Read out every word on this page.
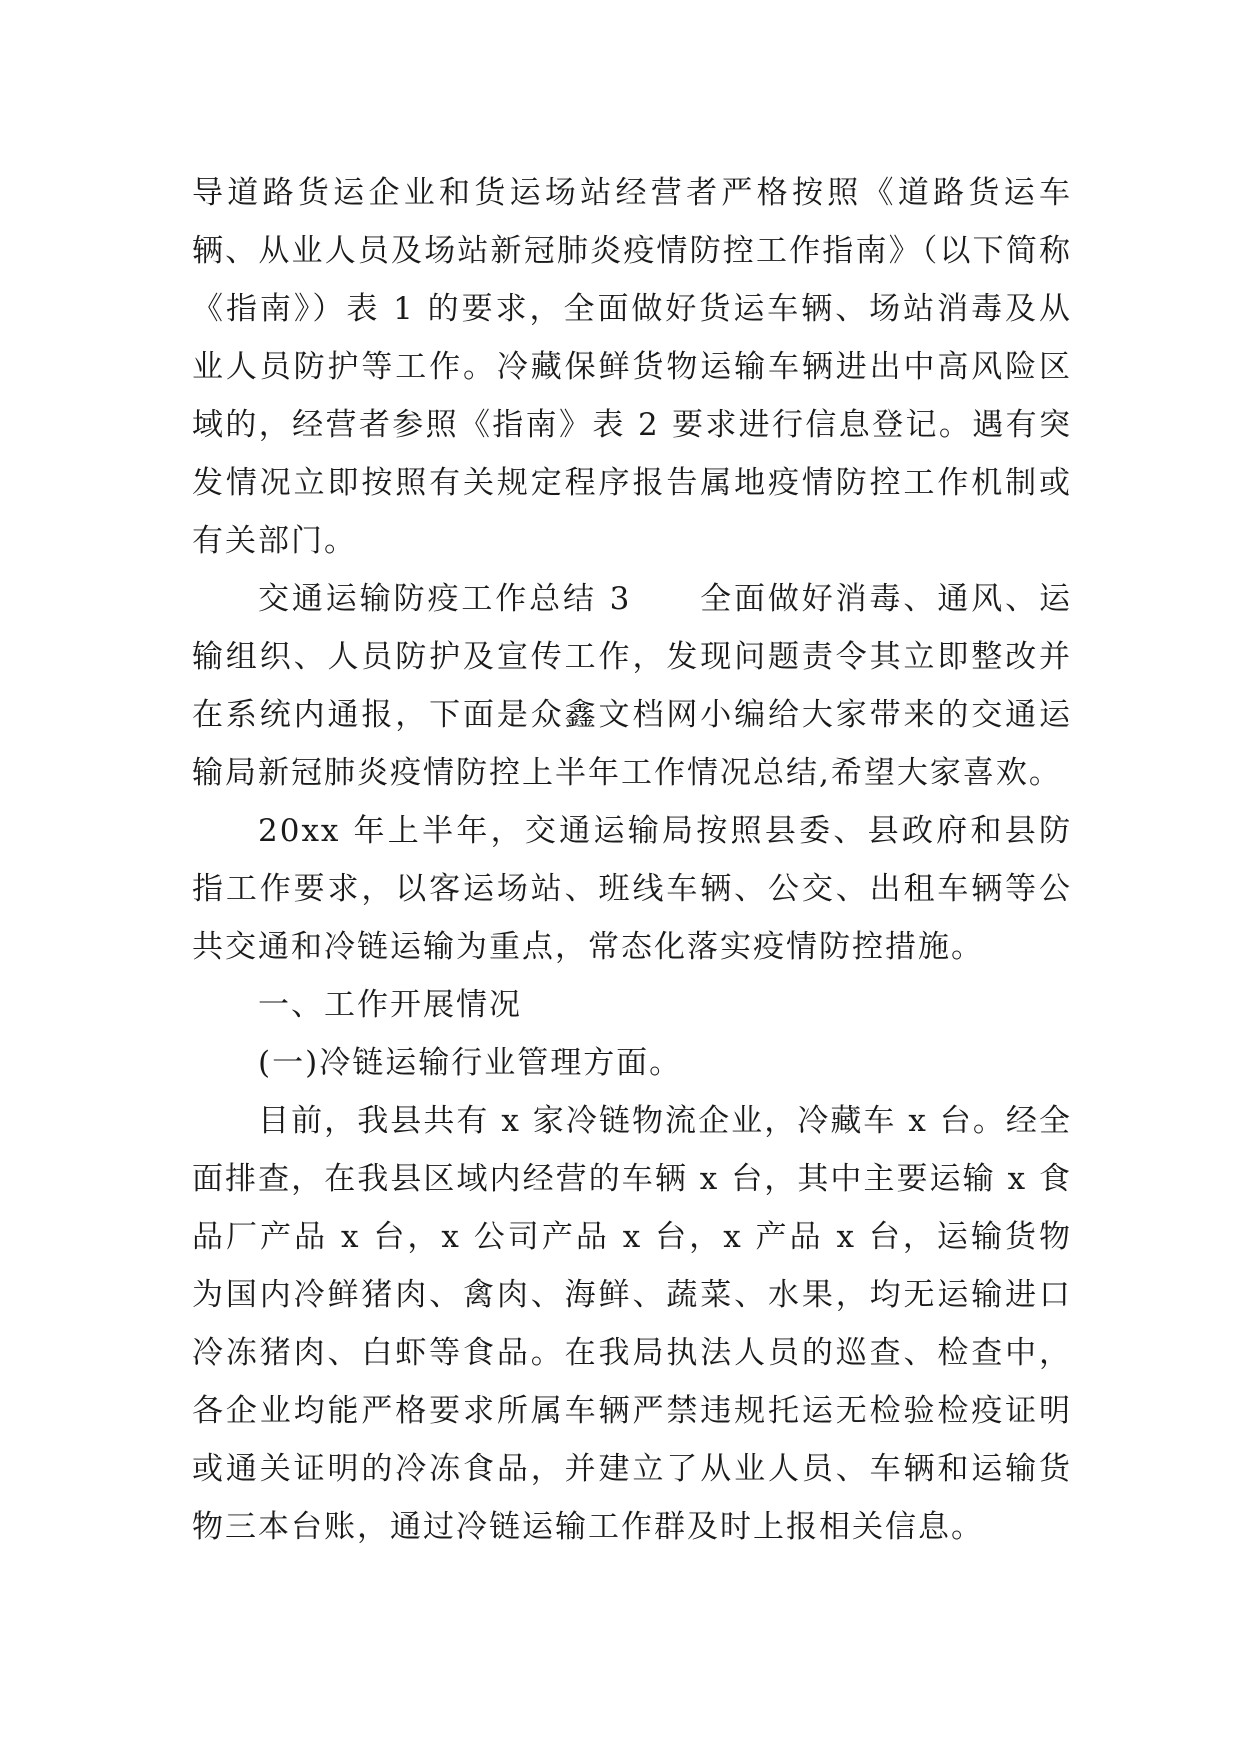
导道路货运企业和货运场站经营者严格按照《道路货运车辆、从业人员及场站新冠肺炎疫情防控工作指南》（以下简称《指南》）表 1 的要求，全面做好货运车辆、场站消毒及从业人员防护等工作。冷藏保鲜货物运输车辆进出中高风险区域的，经营者参照《指南》表 2 要求进行信息登记。遇有突发情况立即按照有关规定程序报告属地疫情防控工作机制或有关部门。

交通运输防疫工作总结 3　　全面做好消毒、通风、运输组织、人员防护及宣传工作，发现问题责令其立即整改并在系统内通报，下面是众鑫文档网小编给大家带来的交通运输局新冠肺炎疫情防控上半年工作情况总结,希望大家喜欢。

20xx 年上半年，交通运输局按照县委、县政府和县防指工作要求，以客运场站、班线车辆、公交、出租车辆等公共交通和冷链运输为重点，常态化落实疫情防控措施。

一、工作开展情况

(一)冷链运输行业管理方面。

目前，我县共有 x 家冷链物流企业，冷藏车 x 台。经全面排查，在我县区域内经营的车辆 x 台，其中主要运输 x 食品厂产品 x 台，x 公司产品 x 台，x 产品 x 台，运输货物为国内冷鲜猪肉、禽肉、海鲜、蔬菜、水果，均无运输进口冷冻猪肉、白虾等食品。在我局执法人员的巡查、检查中，各企业均能严格要求所属车辆严禁违规托运无检验检疫证明或通关证明的冷冻食品，并建立了从业人员、车辆和运输货物三本台账，通过冷链运输工作群及时上报相关信息。
